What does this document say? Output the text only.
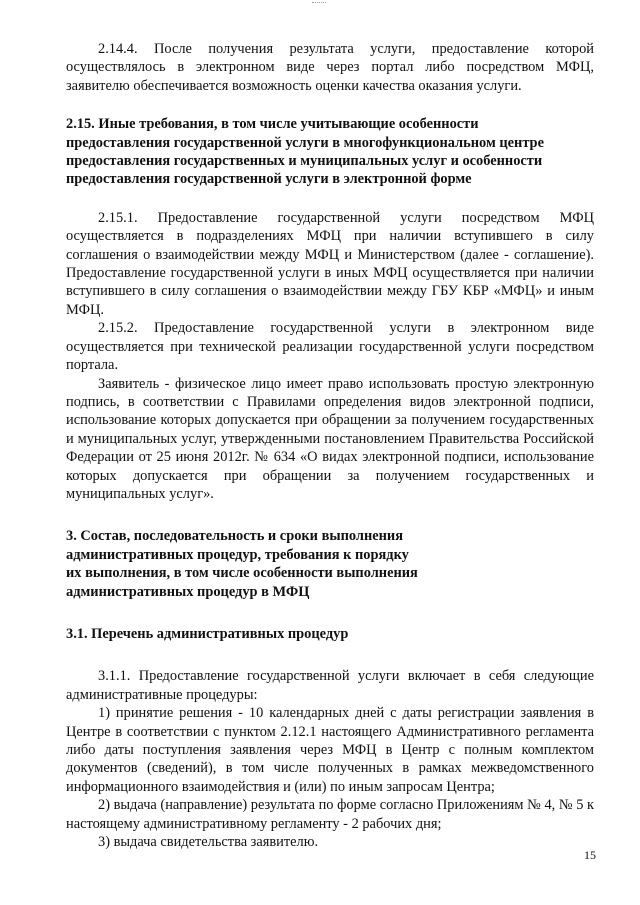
2.14.4. После получения результата услуги, предоставление которой осуществлялось в электронном виде через портал либо посредством МФЦ, заявителю обеспечивается возможность оценки качества оказания услуги.

2.15. Иные требования, в том числе учитывающие особенности

предоставления государственной услуги в многофункциональном центре

предоставления государственных и муниципальных услуг и особенности

предоставления государственной услуги в электронной форме

2.15.1. Предоставление государственной услуги посредством МФЦ осуществляется в подразделениях МФЦ при наличии вступившего в силу соглашения о взаимодействии между МФЦ и Министерством (далее - соглашение). Предоставление государственной услуги в иных МФЦ осуществляется при наличии вступившего в силу соглашения о взаимодействии между ГБУ КБР «МФЦ» и иным МФЦ.

2.15.2. Предоставление государственной услуги в электронном виде осуществляется при технической реализации государственной услуги посредством портала.

Заявитель - физическое лицо имеет право использовать простую электронную подпись, в соответствии с Правилами определения видов электронной подписи, использование которых допускается при обращении за получением государственных и муниципальных услуг, утвержденными постановлением Правительства Российской Федерации от 25 июня 2012г. № 634 «О видах электронной подписи, использование которых допускается при обращении за получением государственных и муниципальных услуг».

3. Состав, последовательность и сроки выполнения

административных процедур, требования к порядку

их выполнения, в том числе особенности выполнения

административных процедур в МФЦ

3.1. Перечень административных процедур

3.1.1. Предоставление государственной услуги включает в себя следующие административные процедуры:

1) принятие решения - 10 календарных дней с даты регистрации заявления в Центре в соответствии с пунктом 2.12.1 настоящего Административного регламента либо даты поступления заявления через МФЦ в Центр с полным комплектом документов (сведений), в том числе полученных в рамках межведомственного информационного взаимодействия и (или) по иным запросам Центра;

2) выдача (направление) результата по форме согласно Приложениям № 4, № 5 к настоящему административному регламенту - 2 рабочих дня;

3) выдача свидетельства заявителю.

15
